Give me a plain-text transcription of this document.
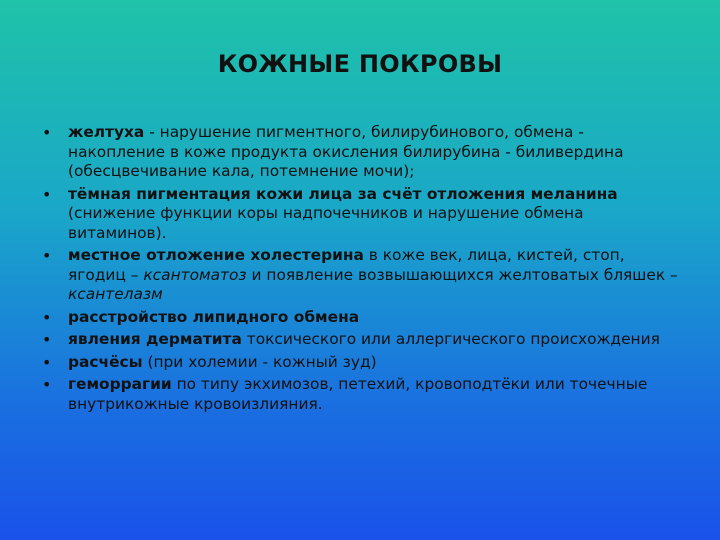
КОЖНЫЕ ПОКРОВЫ
• желтуха - нарушение пигментного, билирубинового, обмена - накопление в коже продукта окисления билирубина - биливердина (обесцвечивание кала, потемнение мочи);
• тёмная пигментация кожи лица за счёт отложения меланина (снижение функции коры надпочечников и нарушение обмена витаминов).
• местное отложение холестерина в коже век, лица, кистей, стоп, ягодиц – ксантоматоз и появление возвышающихся желтоватых бляшек – ксантелазм
• расстройство липидного обмена
• явления дерматита токсического или аллергического происхождения
• расчёсы (при холемии - кожный зуд)
• геморрагии по типу экхимозов, петехий, кровоподтёки или точечные внутрикожные кровоизлияния.
